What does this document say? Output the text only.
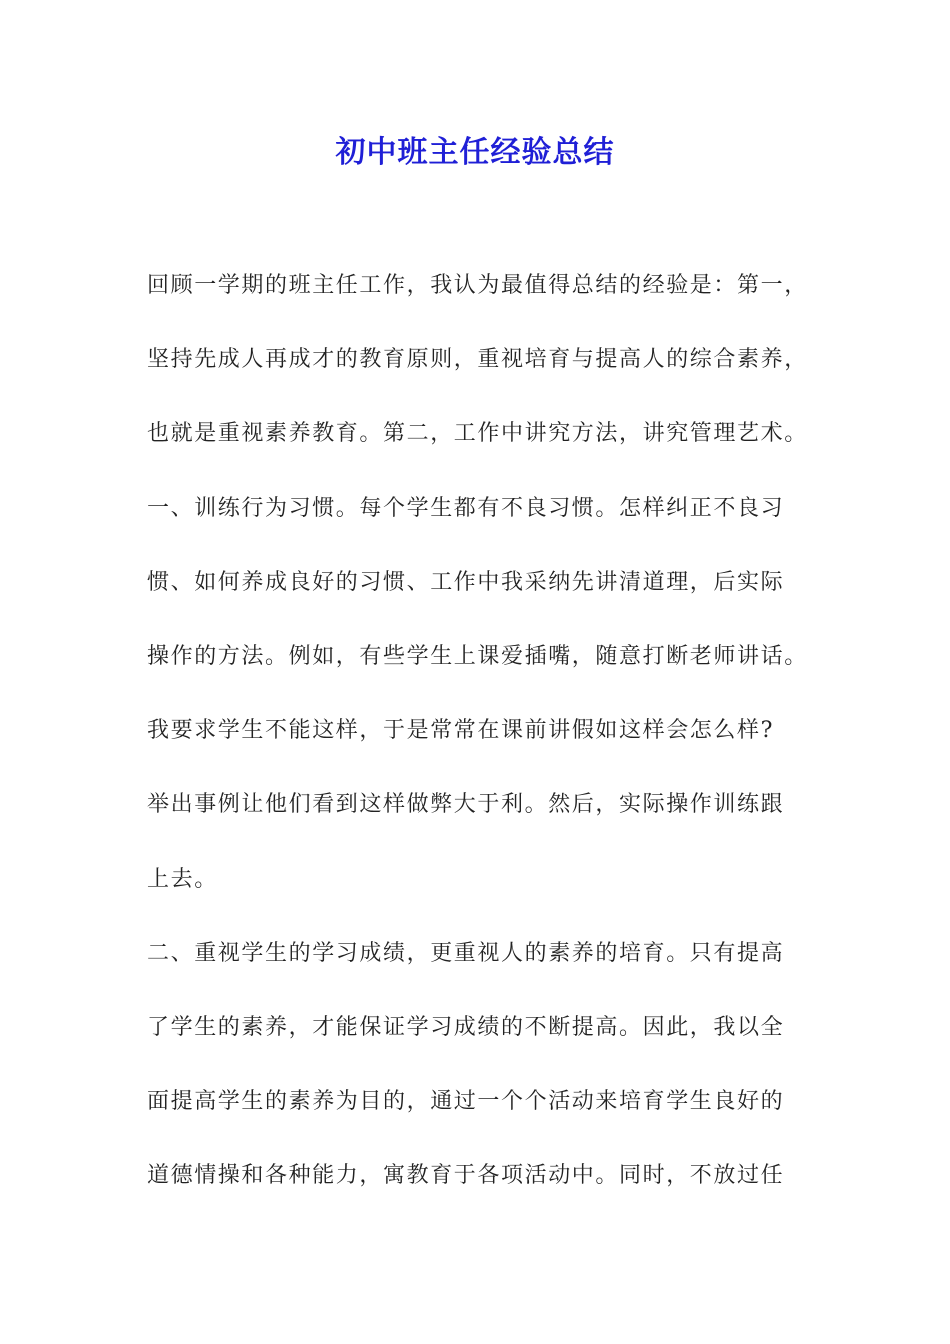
初中班主任经验总结
回顾一学期的班主任工作，我认为最值得总结的经验是：第一，
坚持先成人再成才的教育原则，重视培育与提高人的综合素养，
也就是重视素养教育。第二，工作中讲究方法，讲究管理艺术。
一、训练行为习惯。每个学生都有不良习惯。怎样纠正不良习
惯、如何养成良好的习惯、工作中我采纳先讲清道理，后实际
操作的方法。例如，有些学生上课爱插嘴，随意打断老师讲话。
我要求学生不能这样，于是常常在课前讲假如这样会怎么样?
举出事例让他们看到这样做弊大于利。然后，实际操作训练跟
上去。
二、重视学生的学习成绩，更重视人的素养的培育。只有提高
了学生的素养，才能保证学习成绩的不断提高。因此，我以全
面提高学生的素养为目的，通过一个个活动来培育学生良好的
道德情操和各种能力，寓教育于各项活动中。同时，不放过任
